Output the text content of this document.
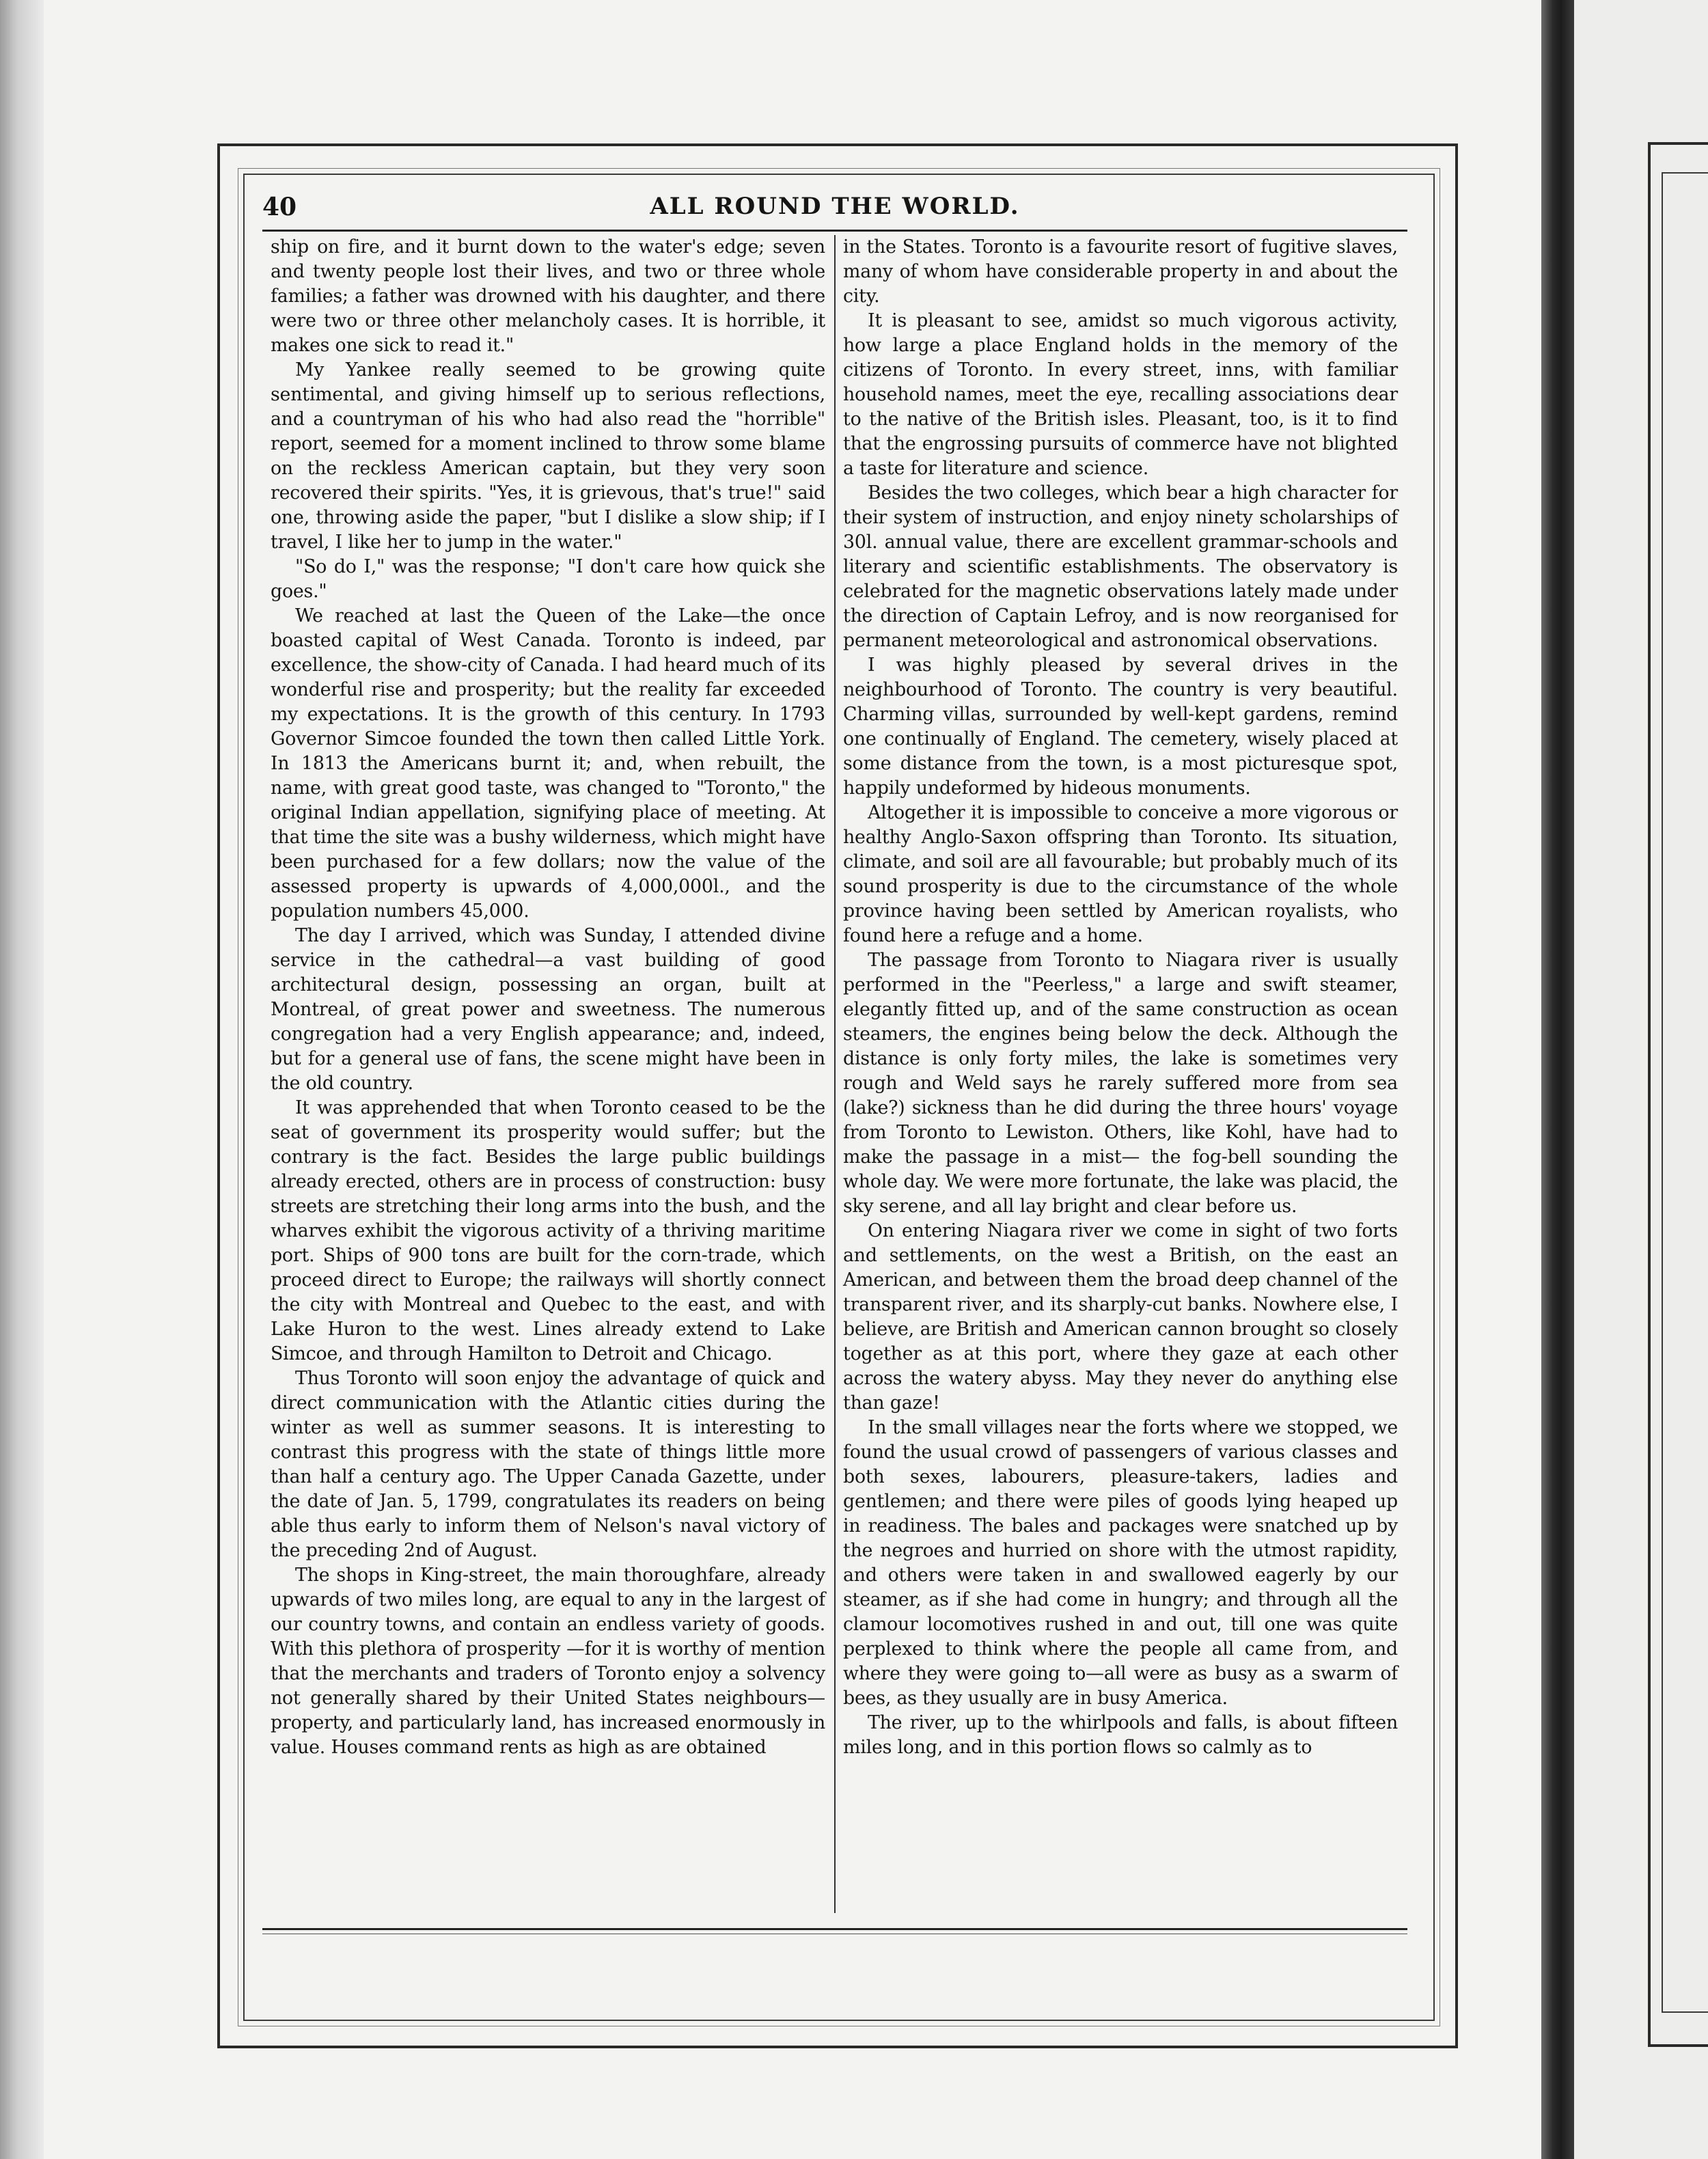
40	ALL ROUND THE WORLD.

ship on fire, and it burnt down to the water's edge; seven and twenty people lost their lives, and two or three whole families; a father was drowned with his daughter, and there were two or three other melancholy cases. It is horrible, it makes one sick to read it."

My Yankee really seemed to be growing quite sentimental, and giving himself up to serious reflections, and a countryman of his who had also read the "horrible" report, seemed for a moment inclined to throw some blame on the reckless American captain, but they very soon recovered their spirits. "Yes, it is grievous, that's true!" said one, throwing aside the paper, "but I dislike a slow ship; if I travel, I like her to jump in the water."

"So do I," was the response; "I don't care how quick she goes."

We reached at last the Queen of the Lake—the once boasted capital of West Canada. Toronto is indeed, par excellence, the show-city of Canada. I had heard much of its wonderful rise and prosperity; but the reality far exceeded my expectations. It is the growth of this century. In 1793 Governor Simcoe founded the town then called Little York. In 1813 the Americans burnt it; and, when rebuilt, the name, with great good taste, was changed to "Toronto," the original Indian appellation, signifying place of meeting. At that time the site was a bushy wilderness, which might have been purchased for a few dollars; now the value of the assessed property is upwards of 4,000,000l., and the population numbers 45,000.

The day I arrived, which was Sunday, I attended divine service in the cathedral—a vast building of good architectural design, possessing an organ, built at Montreal, of great power and sweetness. The numerous congregation had a very English appearance; and, indeed, but for a general use of fans, the scene might have been in the old country.

It was apprehended that when Toronto ceased to be the seat of government its prosperity would suffer; but the contrary is the fact. Besides the large public buildings already erected, others are in process of construction: busy streets are stretching their long arms into the bush, and the wharves exhibit the vigorous activity of a thriving maritime port. Ships of 900 tons are built for the corn-trade, which proceed direct to Europe; the railways will shortly connect the city with Montreal and Quebec to the east, and with Lake Huron to the west. Lines already extend to Lake Simcoe, and through Hamilton to Detroit and Chicago.

Thus Toronto will soon enjoy the advantage of quick and direct communication with the Atlantic cities during the winter as well as summer seasons. It is interesting to contrast this progress with the state of things little more than half a century ago. The Upper Canada Gazette, under the date of Jan. 5, 1799, congratulates its readers on being able thus early to inform them of Nelson's naval victory of the preceding 2nd of August.

The shops in King-street, the main thoroughfare, already upwards of two miles long, are equal to any in the largest of our country towns, and contain an endless variety of goods. With this plethora of prosperity —for it is worthy of mention that the merchants and traders of Toronto enjoy a solvency not generally shared by their United States neighbours—property, and particularly land, has increased enormously in value. Houses command rents as high as are obtained

in the States. Toronto is a favourite resort of fugitive slaves, many of whom have considerable property in and about the city.

It is pleasant to see, amidst so much vigorous activity, how large a place England holds in the memory of the citizens of Toronto. In every street, inns, with familiar household names, meet the eye, recalling associations dear to the native of the British isles. Pleasant, too, is it to find that the engrossing pursuits of commerce have not blighted a taste for literature and science.

Besides the two colleges, which bear a high character for their system of instruction, and enjoy ninety scholarships of 30l. annual value, there are excellent grammar-schools and literary and scientific establishments. The observatory is celebrated for the magnetic observations lately made under the direction of Captain Lefroy, and is now reorganised for permanent meteorological and astronomical observations.

I was highly pleased by several drives in the neighbourhood of Toronto. The country is very beautiful. Charming villas, surrounded by well-kept gardens, remind one continually of England. The cemetery, wisely placed at some distance from the town, is a most picturesque spot, happily undeformed by hideous monuments.

Altogether it is impossible to conceive a more vigorous or healthy Anglo-Saxon offspring than Toronto. Its situation, climate, and soil are all favourable; but probably much of its sound prosperity is due to the circumstance of the whole province having been settled by American royalists, who found here a refuge and a home.

The passage from Toronto to Niagara river is usually performed in the "Peerless," a large and swift steamer, elegantly fitted up, and of the same construction as ocean steamers, the engines being below the deck. Although the distance is only forty miles, the lake is sometimes very rough and Weld says he rarely suffered more from sea (lake?) sickness than he did during the three hours' voyage from Toronto to Lewiston. Others, like Kohl, have had to make the passage in a mist— the fog-bell sounding the whole day. We were more fortunate, the lake was placid, the sky serene, and all lay bright and clear before us.

On entering Niagara river we come in sight of two forts and settlements, on the west a British, on the east an American, and between them the broad deep channel of the transparent river, and its sharply-cut banks. Nowhere else, I believe, are British and American cannon brought so closely together as at this port, where they gaze at each other across the watery abyss. May they never do anything else than gaze!

In the small villages near the forts where we stopped, we found the usual crowd of passengers of various classes and both sexes, labourers, pleasure-takers, ladies and gentlemen; and there were piles of goods lying heaped up in readiness. The bales and packages were snatched up by the negroes and hurried on shore with the utmost rapidity, and others were taken in and swallowed eagerly by our steamer, as if she had come in hungry; and through all the clamour locomotives rushed in and out, till one was quite perplexed to think where the people all came from, and where they were going to—all were as busy as a swarm of bees, as they usually are in busy America.

The river, up to the whirlpools and falls, is about fifteen miles long, and in this portion flows so calmly as to
